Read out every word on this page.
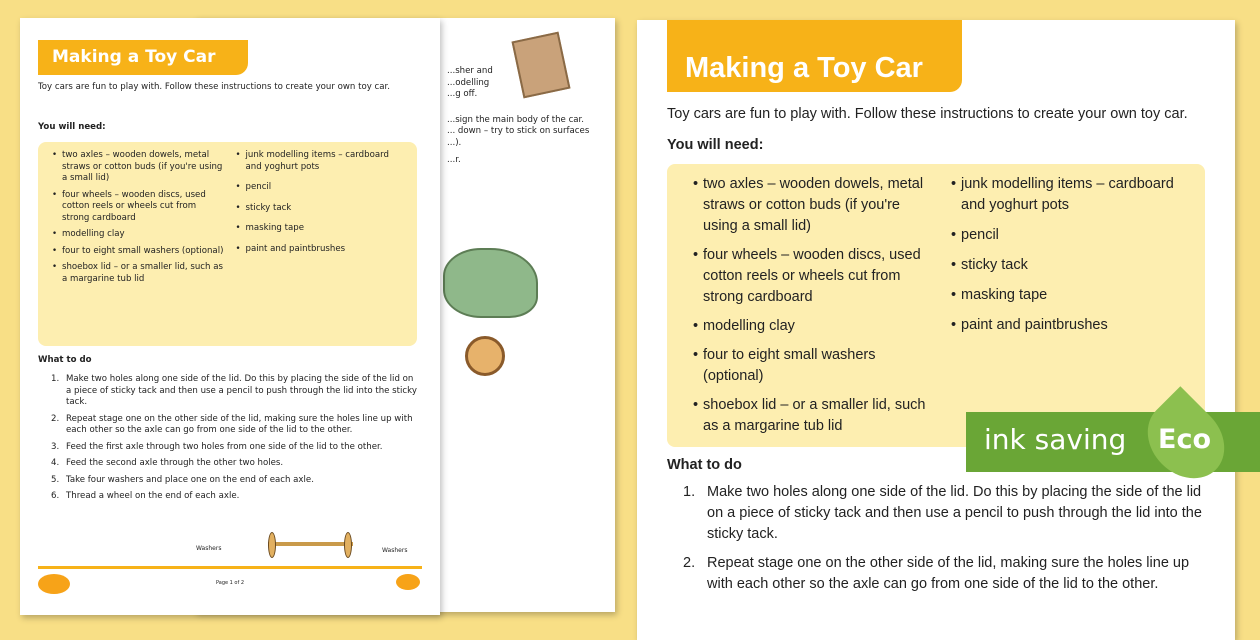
...sher and
...odelling
...g off.
...sign the main body of the car.
... down – try to stick on surfaces
...).
...r.
Making a Toy Car
Toy cars are fun to play with. Follow these instructions to create your own toy car.
You will need:
• two axles – wooden dowels, metal straws or cotton buds (if you're using a small lid)
• four wheels – wooden discs, used cotton reels or wheels cut from strong cardboard
• modelling clay
• four to eight small washers (optional)
• shoebox lid – or a smaller lid, such as a margarine tub lid
• junk modelling items – cardboard and yoghurt pots
• pencil
• sticky tack
• masking tape
• paint and paintbrushes
What to do
1. Make two holes along one side of the lid. Do this by placing the side of the lid on a piece of sticky tack and then use a pencil to push through the lid into the sticky tack.
2. Repeat stage one on the other side of the lid, making sure the holes line up with each other so the axle can go from one side of the lid to the other.
3. Feed the first axle through two holes from one side of the lid to the other.
4. Feed the second axle through the other two holes.
5. Take four washers and place one on the end of each axle.
6. Thread a wheel on the end of each axle.
Washers	Washers
Page 1 of 2
Making a Toy Car
Toy cars are fun to play with. Follow these instructions to create your own toy car.
You will need:
• two axles – wooden dowels, metal straws or cotton buds (if you're using a small lid)
• four wheels – wooden discs, used cotton reels or wheels cut from strong cardboard
• modelling clay
• four to eight small washers (optional)
• shoebox lid – or a smaller lid, such as a margarine tub lid
• junk modelling items – cardboard and yoghurt pots
• pencil
• sticky tack
• masking tape
• paint and paintbrushes
What to do
1. Make two holes along one side of the lid. Do this by placing the side of the lid on a piece of sticky tack and then use a pencil to push through the lid into the sticky tack.
2. Repeat stage one on the other side of the lid, making sure the holes line up with each other so the axle can go from one side of the lid to the other.
ink saving Eco
